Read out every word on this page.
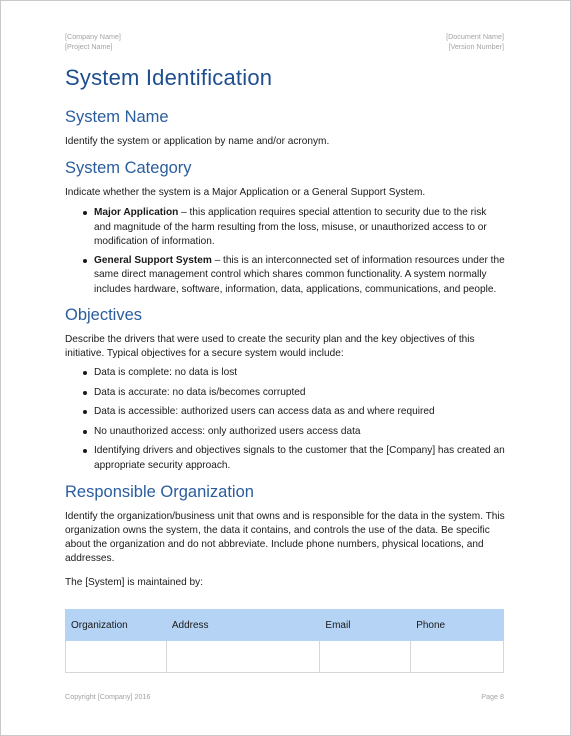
[Company Name]
[Project Name]
[Document Name]
[Version Number]
System Identification
System Name

Identify the system or application by name and/or acronym.

System Category

Indicate whether the system is a Major Application or a General Support System.

Major Application – this application requires special attention to security due to the risk and magnitude of the harm resulting from the loss, misuse, or unauthorized access to or modification of information.
General Support System – this is an interconnected set of information resources under the same direct management control which shares common functionality. A system normally includes hardware, software, information, data, applications, communications, and people.
Objectives

Describe the drivers that were used to create the security plan and the key objectives of this initiative. Typical objectives for a secure system would include:

Data is complete: no data is lost
Data is accurate: no data is/becomes corrupted
Data is accessible: authorized users can access data as and where required
No unauthorized access: only authorized users access data
Identifying drivers and objectives signals to the customer that the [Company] has created an appropriate security approach.
Responsible Organization

Identify the organization/business unit that owns and is responsible for the data in the system. This organization owns the system, the data it contains, and controls the use of the data. Be specific about the organization and do not abbreviate. Include phone numbers, physical locations, and addresses.

The [System] is maintained by:

Organization	Address	Email	Phone

Copyright [Company] 2016	Page 8
